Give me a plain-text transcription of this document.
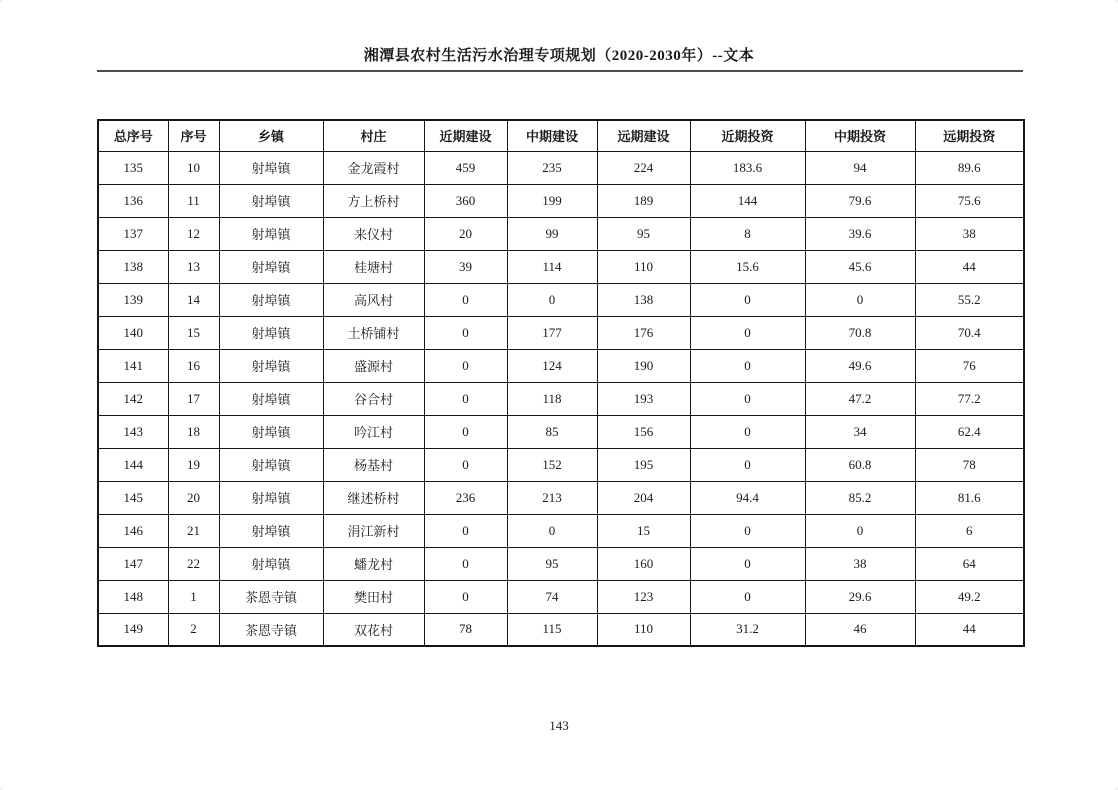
湘潭县农村生活污水治理专项规划（2020-2030年）--文本
总序号	序号	乡镇	村庄	近期建设	中期建设	远期建设	近期投资	中期投资	远期投资
135	10	射埠镇	金龙霞村	459	235	224	183.6	94	89.6
136	11	射埠镇	方上桥村	360	199	189	144	79.6	75.6
137	12	射埠镇	来仪村	20	99	95	8	39.6	38
138	13	射埠镇	桂塘村	39	114	110	15.6	45.6	44
139	14	射埠镇	高风村	0	0	138	0	0	55.2
140	15	射埠镇	土桥铺村	0	177	176	0	70.8	70.4
141	16	射埠镇	盛源村	0	124	190	0	49.6	76
142	17	射埠镇	谷合村	0	118	193	0	47.2	77.2
143	18	射埠镇	吟江村	0	85	156	0	34	62.4
144	19	射埠镇	杨基村	0	152	195	0	60.8	78
145	20	射埠镇	继述桥村	236	213	204	94.4	85.2	81.6
146	21	射埠镇	涓江新村	0	0	15	0	0	6
147	22	射埠镇	蟠龙村	0	95	160	0	38	64
148	1	茶恩寺镇	樊田村	0	74	123	0	29.6	49.2
149	2	茶恩寺镇	双花村	78	115	110	31.2	46	44
143
